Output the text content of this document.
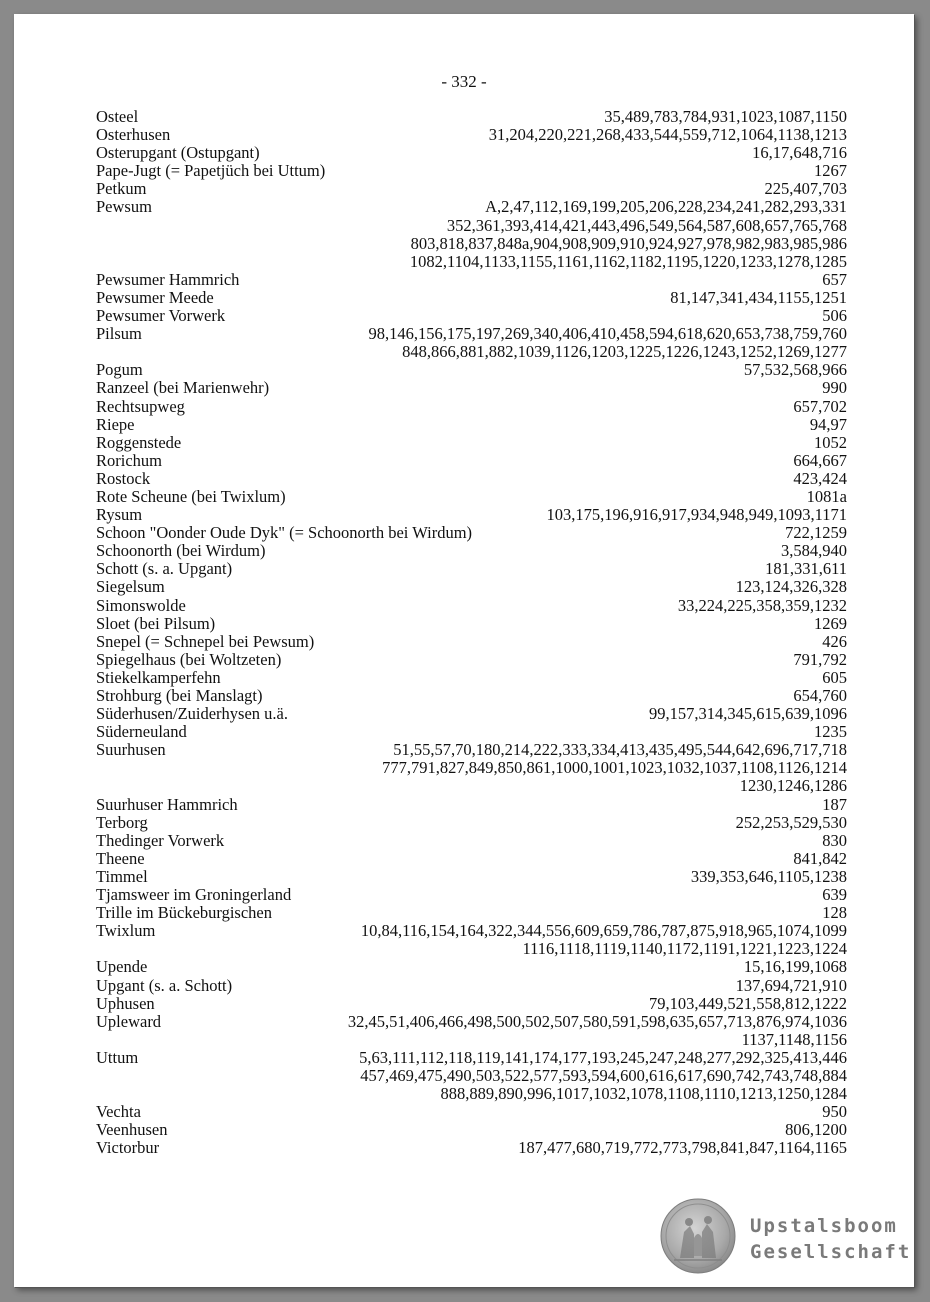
- 332 -
Osteel	35,489,783,784,931,1023,1087,1150
Osterhusen	31,204,220,221,268,433,544,559,712,1064,1138,1213
Osterupgant (Ostupgant)	16,17,648,716
Pape-Jugt (= Papetjüch bei Uttum)	1267
Petkum	225,407,703
Pewsum	A,2,47,112,169,199,205,206,228,234,241,282,293,331
352,361,393,414,421,443,496,549,564,587,608,657,765,768
803,818,837,848a,904,908,909,910,924,927,978,982,983,985,986
1082,1104,1133,1155,1161,1162,1182,1195,1220,1233,1278,1285
Pewsumer Hammrich	657
Pewsumer Meede	81,147,341,434,1155,1251
Pewsumer Vorwerk	506
Pilsum	98,146,156,175,197,269,340,406,410,458,594,618,620,653,738,759,760
848,866,881,882,1039,1126,1203,1225,1226,1243,1252,1269,1277
Pogum	57,532,568,966
Ranzeel (bei Marienwehr)	990
Rechtsupweg	657,702
Riepe	94,97
Roggenstede	1052
Rorichum	664,667
Rostock	423,424
Rote Scheune (bei Twixlum)	1081a
Rysum	103,175,196,916,917,934,948,949,1093,1171
Schoon "Oonder Oude Dyk" (= Schoonorth bei Wirdum)	722,1259
Schoonorth (bei Wirdum)	3,584,940
Schott (s. a. Upgant)	181,331,611
Siegelsum	123,124,326,328
Simonswolde	33,224,225,358,359,1232
Sloet (bei Pilsum)	1269
Snepel (= Schnepel bei Pewsum)	426
Spiegelhaus (bei Woltzeten)	791,792
Stiekelkamperfehn	605
Strohburg (bei Manslagt)	654,760
Süderhusen/Zuiderhysen u.ä.	99,157,314,345,615,639,1096
Süderneuland	1235
Suurhusen	51,55,57,70,180,214,222,333,334,413,435,495,544,642,696,717,718
777,791,827,849,850,861,1000,1001,1023,1032,1037,1108,1126,1214
1230,1246,1286
Suurhuser Hammrich	187
Terborg	252,253,529,530
Thedinger Vorwerk	830
Theene	841,842
Timmel	339,353,646,1105,1238
Tjamsweer im Groningerland	639
Trille im Bückeburgischen	128
Twixlum	10,84,116,154,164,322,344,556,609,659,786,787,875,918,965,1074,1099
1116,1118,1119,1140,1172,1191,1221,1223,1224
Upende	15,16,199,1068
Upgant (s. a. Schott)	137,694,721,910
Uphusen	79,103,449,521,558,812,1222
Upleward	32,45,51,406,466,498,500,502,507,580,591,598,635,657,713,876,974,1036
1137,1148,1156
Uttum	5,63,111,112,118,119,141,174,177,193,245,247,248,277,292,325,413,446
457,469,475,490,503,522,577,593,594,600,616,617,690,742,743,748,884
888,889,890,996,1017,1032,1078,1108,1110,1213,1250,1284
Vechta	950
Veenhusen	806,1200
Victorbur	187,477,680,719,772,773,798,841,847,1164,1165
Upstalsboom
Gesellschaft
